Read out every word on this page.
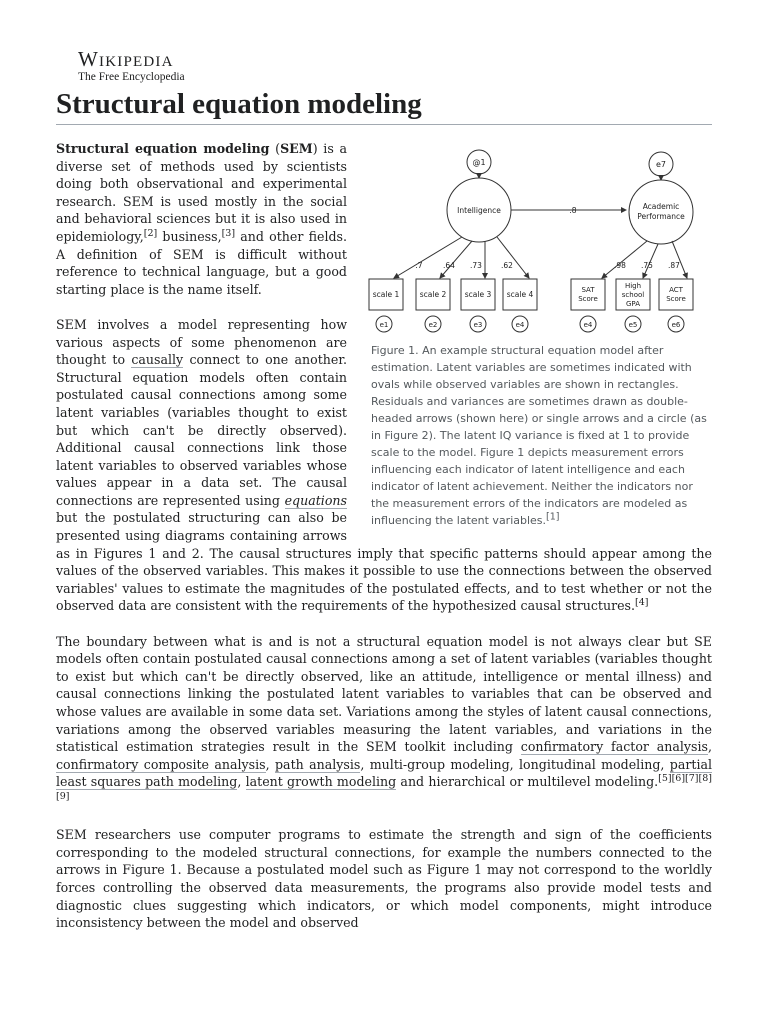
Wikipedia
The Free Encyclopedia
Structural equation modeling
@1	e7
Intelligence	Academic
Performance
.8
.7	.64 .73	.62	.98 .75 .87
scale 1	scale 2 scale 3 scale 4	SAT
Score
High
school
GPA
ACT
Score
e1	e2	e3	e4	e4	e5	e6
Figure 1. An example structural equation model after estimation. Latent variables are sometimes indicated with ovals while observed variables are shown in rectangles. Residuals and variances are sometimes drawn as double-headed arrows (shown here) or single arrows and a circle (as in Figure 2). The latent IQ variance is fixed at 1 to provide scale to the model. Figure 1 depicts measurement errors influencing each indicator of latent intelligence and each indicator of latent achievement. Neither the indicators nor the measurement errors of the indicators are modeled as influencing the latent variables.[1]

Structural equation modeling (SEM) is a diverse set of methods used by scientists doing both observational and experimental research. SEM is used mostly in the social and behavioral sciences but it is also used in epidemiology,[2] business,[3] and other fields. A definition of SEM is difficult without reference to technical language, but a good starting place is the name itself.

SEM involves a model representing how various aspects of some phenomenon are thought to causally connect to one another. Structural equation models often contain postulated causal connections among some latent variables (variables thought to exist but which can't be directly observed). Additional causal connections link those latent variables to observed variables whose values appear in a data set. The causal connections are represented using equations but the postulated structuring can also be presented using diagrams containing arrows as in Figures 1 and 2. The causal structures imply that specific patterns should appear among the values of the observed variables. This makes it possible to use the connections between the observed variables' values to estimate the magnitudes of the postulated effects, and to test whether or not the observed data are consistent with the requirements of the hypothesized causal structures.[4]

The boundary between what is and is not a structural equation model is not always clear but SE models often contain postulated causal connections among a set of latent variables (variables thought to exist but which can't be directly observed, like an attitude, intelligence or mental illness) and causal connections linking the postulated latent variables to variables that can be observed and whose values are available in some data set. Variations among the styles of latent causal connections, variations among the observed variables measuring the latent variables, and variations in the statistical estimation strategies result in the SEM toolkit including confirmatory factor analysis, confirmatory composite analysis, path analysis, multi-group modeling, longitudinal modeling, partial least squares path modeling, latent growth modeling and hierarchical or multilevel modeling.[5][6][7][8][9]

SEM researchers use computer programs to estimate the strength and sign of the coefficients corresponding to the modeled structural connections, for example the numbers connected to the arrows in Figure 1. Because a postulated model such as Figure 1 may not correspond to the worldly forces controlling the observed data measurements, the programs also provide model tests and diagnostic clues suggesting which indicators, or which model components, might introduce inconsistency between the model and observed
